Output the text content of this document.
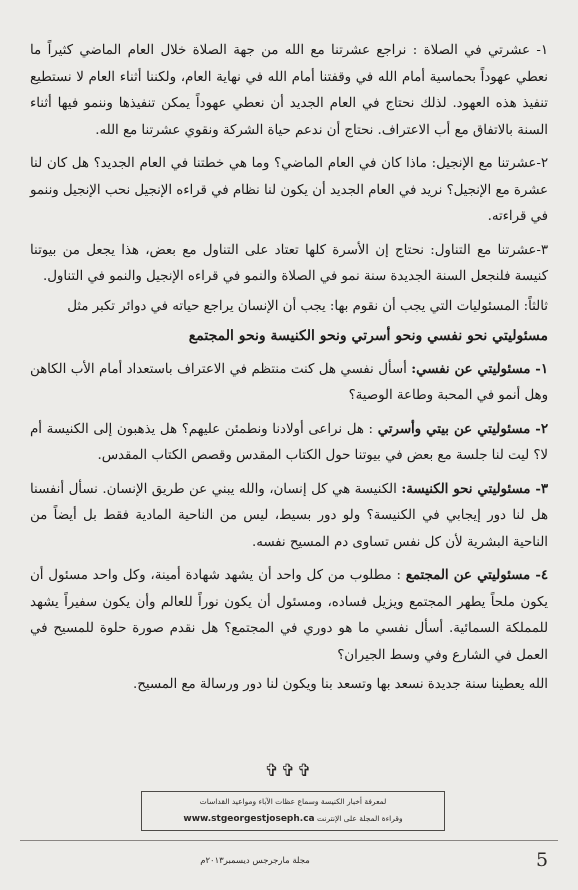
١- عشرتي في الصلاة : نراجع عشرتنا مع الله من جهة الصلاة خلال العام الماضي كثيراً ما نعطي عهوداً بحماسية أمام الله في وقفتنا أمام الله في نهاية العام، ولكننا أثناء العام لا نستطيع تنفيذ هذه العهود. لذلك نحتاج في العام الجديد أن نعطي عهوداً يمكن تنفيذها وننمو فيها أثناء السنة بالاتفاق مع أب الاعتراف. نحتاج أن ندعم حياة الشركة ونقوي عشرتنا مع الله.

٢-عشرتنا مع الإنجيل: ماذا كان في العام الماضي؟ وما هي خطتنا في العام الجديد؟ هل كان لنا عشرة مع الإنجيل؟ نريد في العام الجديد أن يكون لنا نظام في قراءه الإنجيل نحب الإنجيل وننمو في قراءته.

٣-عشرتنا مع التناول: نحتاج إن الأسرة كلها تعتاد على التناول مع بعض، هذا يجعل من بيوتنا كنيسة فلنجعل السنة الجديدة سنة نمو في الصلاة والنمو في قراءه الإنجيل والنمو في التناول.

ثالثاً: المسئوليات التي يجب أن نقوم بها: يجب أن الإنسان يراجع حياته في دوائر تكبر مثل

مسئوليتي نحو نفسي ونحو أسرتي ونحو الكنيسة ونحو المجتمع

١- مسئوليتي عن نفسي: أسأل نفسي هل كنت منتظم في الاعتراف باستعداد أمام الأب الكاهن وهل أنمو في المحبة وطاعة الوصية؟

٢- مسئوليتي عن بيتي وأسرتي : هل نراعى أولادنا ونطمئن عليهم؟ هل يذهبون إلى الكنيسة أم لا؟ ليت لنا جلسة مع بعض في بيوتنا حول الكتاب المقدس وقصص الكتاب المقدس.

٣- مسئوليتي نحو الكنيسة: الكنيسة هي كل إنسان، والله يبني عن طريق الإنسان. نسأل أنفسنا هل لنا دور إيجابي في الكنيسة؟ ولو دور بسيط، ليس من الناحية المادية فقط بل أيضاً من الناحية البشرية لأن كل نفس تساوى دم المسيح نفسه.

٤- مسئوليتي عن المجتمع : مطلوب من كل واحد أن يشهد شهادة أمينة، وكل واحد مسئول أن يكون ملحاً يطهر المجتمع ويزيل فساده، ومسئول أن يكون نوراً للعالم وأن يكون سفيراً يشهد للمملكة السمائية. أسأل نفسي ما هو دوري في المجتمع؟ هل نقدم صورة حلوة للمسيح في العمل في الشارع وفي وسط الجيران؟

الله يعطينا سنة جديدة نسعد بها وتسعد بنا ويكون لنا دور ورسالة مع المسيح.

✞✞✞
لمعرفة أخبار الكنيسة وسماع عظات الآباء ومواعيد القداسات
وقراءة المجلة على الإنترنت www.stgeorgestjoseph.ca
مجلة مارجرجس ديسمبر٢٠١٣م	5
